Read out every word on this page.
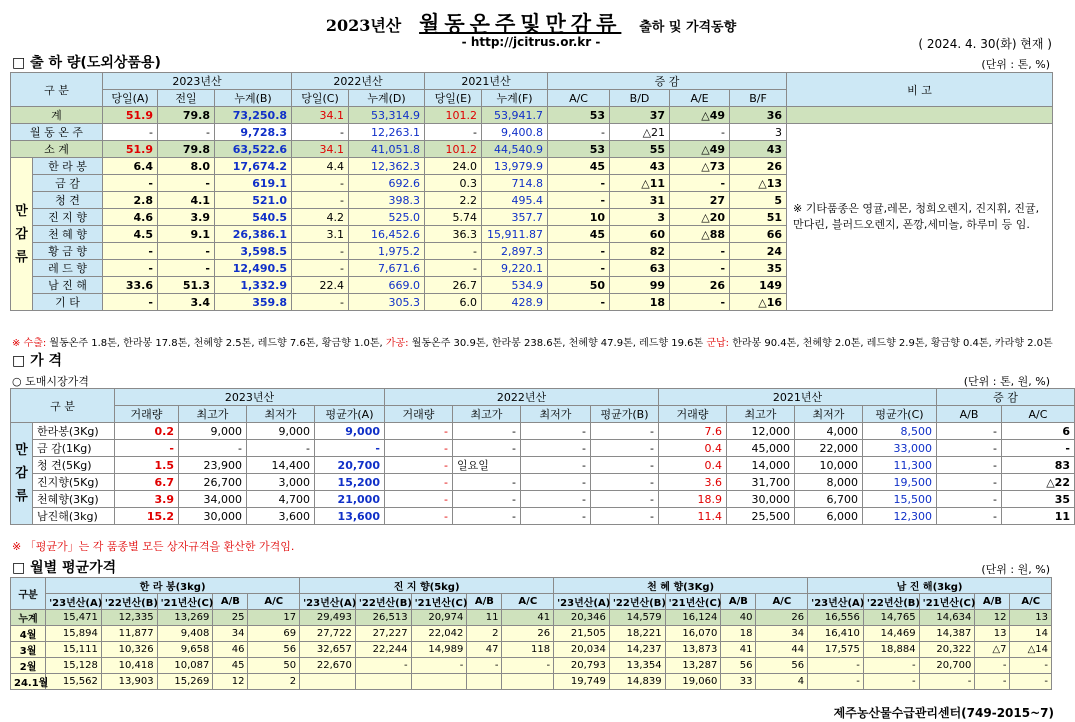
2023년산 월동온주및만감류 출하 및 가격동향
- http://jcitrus.or.kr -	( 2024. 4. 30(화) 현재 )
□ 출 하 량(도외상품용)	(단위 : 톤, %)
구 분		2023년산			2022년산		2021년산		증 감				비 고
		당일(A)	전일	누계(B)	당일(C)	누계(D)	당일(E)	누계(F)	A/C	B/D	A/E	B/F	
계		51.9	79.8	73,250.8	34.1	53,314.9	101.2	53,941.7	53	37	△49	36	
월 동 온 주		-	-	9,728.3	-	12,263.1	-	9,400.8	-	△21	-	3	※ 기타품종은 영귤,레몬, 청희오렌지, 진지휘, 진귤, 만다린, 블러드오렌지, 폰깡,세미놀, 하루미 등 임.
소 계		51.9	79.8	63,522.6	34.1	41,051.8	101.2	44,540.9	53	55	△49	43	
만 감 류	한 라 봉	6.4	8.0	17,674.2	4.4	12,362.3	24.0	13,979.9	45	43	△73	26	
	금 감	-	-	619.1	-	692.6	0.3	714.8	-	△11	-	△13	
	청 견	2.8	4.1	521.0	-	398.3	2.2	495.4	-	31	27	5	
	진 지 향	4.6	3.9	540.5	4.2	525.0	5.74	357.7	10	3	△20	51	
	천 혜 향	4.5	9.1	26,386.1	3.1	16,452.6	36.3	15,911.87	45	60	△88	66	
	황 금 향	-	-	3,598.5	-	1,975.2	-	2,897.3	-	82	-	24	
	레 드 향	-	-	12,490.5	-	7,671.6	-	9,220.1	-	63	-	35	
	남 진 해	33.6	51.3	1,332.9	22.4	669.0	26.7	534.9	50	99	26	149	
	기 타	-	3.4	359.8	-	305.3	6.0	428.9	-	18	-	△16	
※ 수출: 월동온주 1.8톤, 한라봉 17.8톤, 천혜향 2.5톤, 레드향 7.6톤, 황금향 1.0톤, 가공: 월동온주 30.9톤, 한라봉 238.6톤, 천혜향 47.9톤, 레드향 19.6톤 군납: 한라봉 90.4톤, 천혜향 2.0톤, 레드향 2.9톤, 황금향 0.4톤, 카라향 2.0톤
□ 가 격
○ 도매시장가격	(단위 : 톤, 원, %)
구 분		2023년산				2022년산				2021년산				증 감	
		거래량	최고가	최저가	평균가(A)	거래량	최고가	최저가	평균가(B)	거래량	최고가	최저가	평균가(C)	A/B	A/C
만 감 류	한라봉(3Kg)	0.2	9,000	9,000	9,000	-	-	-	-	7.6	12,000	4,000	8,500	-	6
	금 감(1Kg)	-	-	-	-	-	-	-	-	0.4	45,000	22,000	33,000	-	-
	청 견(5Kg)	1.5	23,900	14,400	20,700	-	일요일	-	-	0.4	14,000	10,000	11,300	-	83
	진지향(5Kg)	6.7	26,700	3,000	15,200	-	-	-	-	3.6	31,700	8,000	19,500	-	△22
	천혜향(3Kg)	3.9	34,000	4,700	21,000	-	-	-	-	18.9	30,000	6,700	15,500	-	35
	남진해(3kg)	15.2	30,000	3,600	13,600	-	-	-	-	11.4	25,500	6,000	12,300	-	11
※ 「평균가」는 각 품종별 모든 상자규격을 환산한 가격임.
□ 월별 평균가격	(단위 : 원, %)
구분	한 라 봉(3kg)					진 지 향(5kg)					천 혜 향(3Kg)					남 진 해(3kg)				
	'23년산(A)	'22년산(B)	'21년산(C)	A/B	A/C	'23년산(A)	'22년산(B)	'21년산(C)	A/B	A/C	'23년산(A)	'22년산(B)	'21년산(C)	A/B	A/C	'23년산(A)	'22년산(B)	'21년산(C)	A/B	A/C
누계	15,471	12,335	13,269	25	17	29,493	26,513	20,974	11	41	20,346	14,579	16,124	40	26	16,556	14,765	14,634	12	13
4월	15,894	11,877	9,408	34	69	27,722	27,227	22,042	2	26	21,505	18,221	16,070	18	34	16,410	14,469	14,387	13	14
3월	15,111	10,326	9,658	46	56	32,657	22,244	14,989	47	118	20,034	14,237	13,873	41	44	17,575	18,884	20,322	△7	△14
2월	15,128	10,418	10,087	45	50	22,670	-	-	-	-	20,793	13,354	13,287	56	56	-	-	20,700	-	-
24.1월	15,562	13,903	15,269	12	2						19,749	14,839	19,060	33	4	-	-	-	-	-
제주농산물수급관리센터(749-2015~7)
